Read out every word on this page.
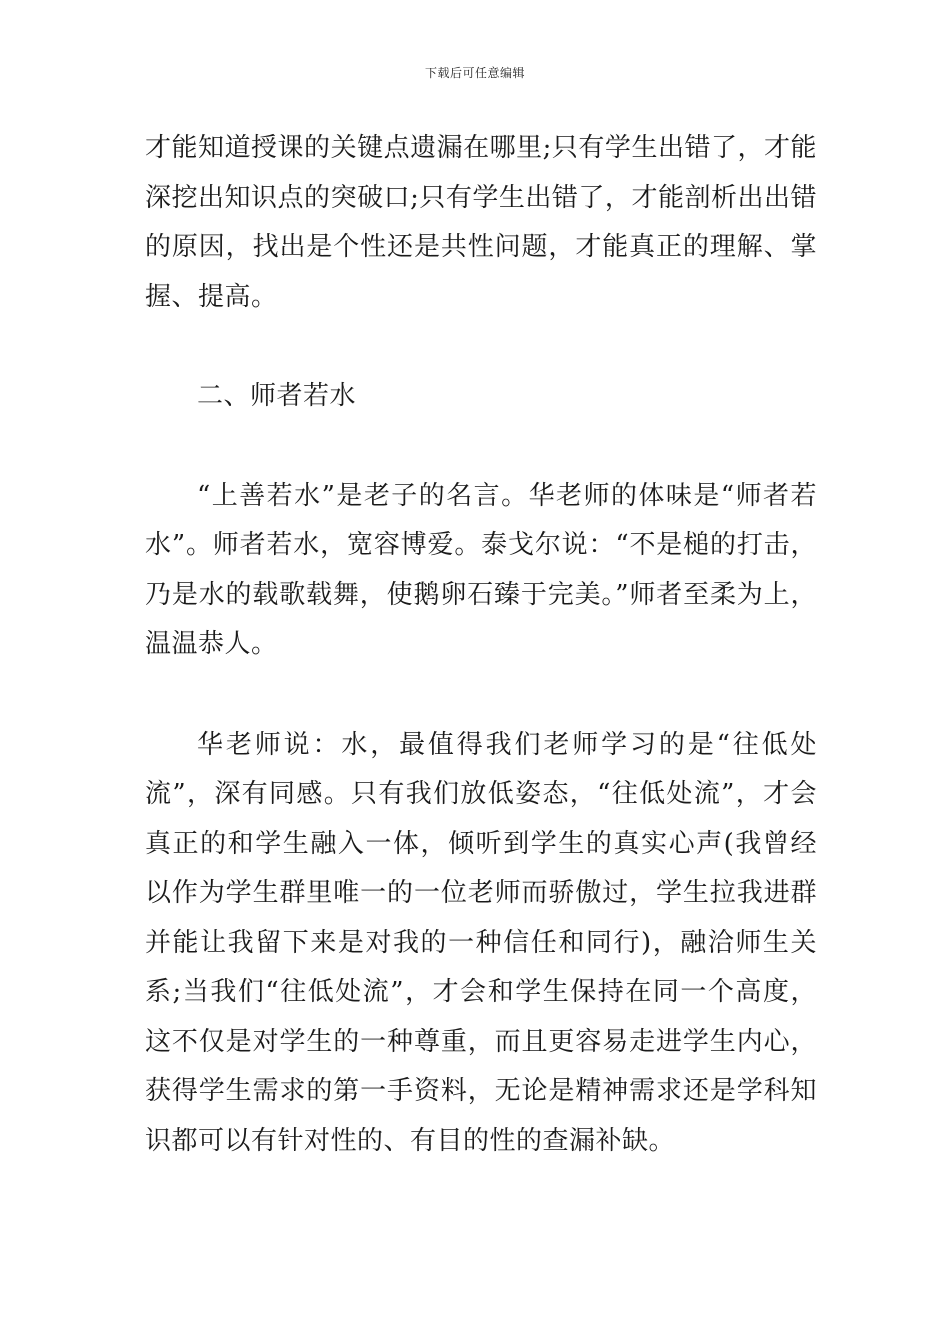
下载后可任意编辑

才能知道授课的关键点遗漏在哪里;只有学生出错了，才能深挖出知识点的突破口;只有学生出错了，才能剖析出出错的原因，找出是个性还是共性问题，才能真正的理解、掌握、提高。

二、师者若水

“上善若水”是老子的名言。华老师的体味是“师者若水”。师者若水，宽容博爱。泰戈尔说：“不是槌的打击，乃是水的载歌载舞，使鹅卵石臻于完美。”师者至柔为上，温温恭人。

华老师说：水，最值得我们老师学习的是“往低处流”，深有同感。只有我们放低姿态，“往低处流”，才会真正的和学生融入一体，倾听到学生的真实心声(我曾经以作为学生群里唯一的一位老师而骄傲过，学生拉我进群并能让我留下来是对我的一种信任和同行)，融洽师生关系;当我们“往低处流”，才会和学生保持在同一个高度，这不仅是对学生的一种尊重，而且更容易走进学生内心，获得学生需求的第一手资料，无论是精神需求还是学科知识都可以有针对性的、有目的性的查漏补缺。
